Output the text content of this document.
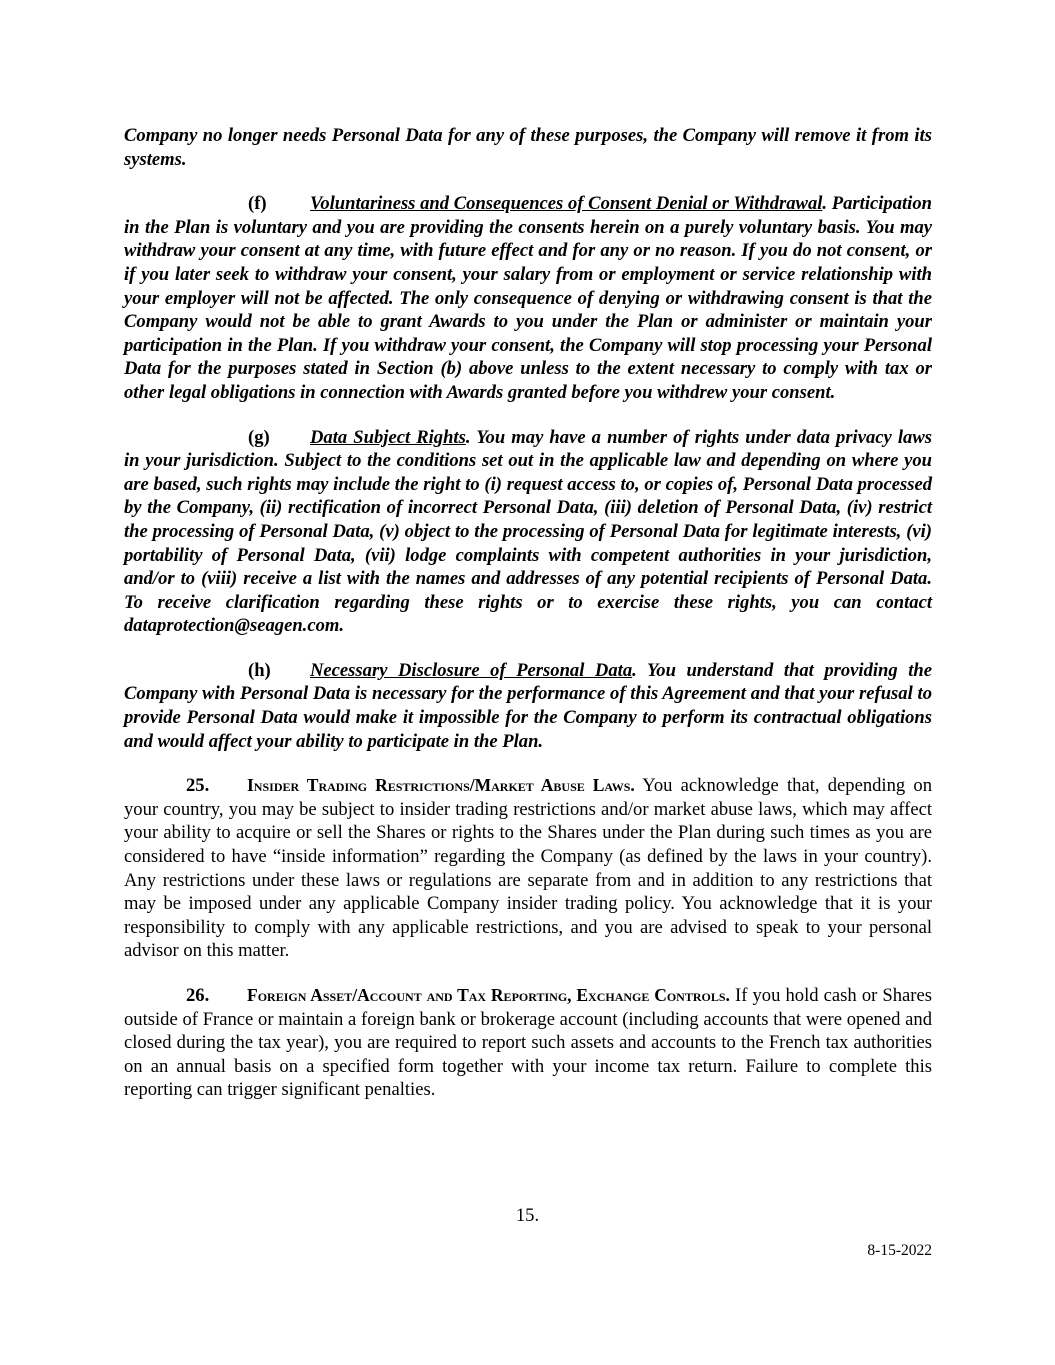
Company no longer needs Personal Data for any of these purposes, the Company will remove it from its systems.

(f) Voluntariness and Consequences of Consent Denial or Withdrawal. Participation in the Plan is voluntary and you are providing the consents herein on a purely voluntary basis. You may withdraw your consent at any time, with future effect and for any or no reason. If you do not consent, or if you later seek to withdraw your consent, your salary from or employment or service relationship with your employer will not be affected. The only consequence of denying or withdrawing consent is that the Company would not be able to grant Awards to you under the Plan or administer or maintain your participation in the Plan. If you withdraw your consent, the Company will stop processing your Personal Data for the purposes stated in Section (b) above unless to the extent necessary to comply with tax or other legal obligations in connection with Awards granted before you withdrew your consent.

(g) Data Subject Rights. You may have a number of rights under data privacy laws in your jurisdiction. Subject to the conditions set out in the applicable law and depending on where you are based, such rights may include the right to (i) request access to, or copies of, Personal Data processed by the Company, (ii) rectification of incorrect Personal Data, (iii) deletion of Personal Data, (iv) restrict the processing of Personal Data, (v) object to the processing of Personal Data for legitimate interests, (vi) portability of Personal Data, (vii) lodge complaints with competent authorities in your jurisdiction, and/or to (viii) receive a list with the names and addresses of any potential recipients of Personal Data. To receive clarification regarding these rights or to exercise these rights, you can contact dataprotection@seagen.com.

(h) Necessary Disclosure of Personal Data. You understand that providing the Company with Personal Data is necessary for the performance of this Agreement and that your refusal to provide Personal Data would make it impossible for the Company to perform its contractual obligations and would affect your ability to participate in the Plan.

25. Insider Trading Restrictions/Market Abuse Laws. You acknowledge that, depending on your country, you may be subject to insider trading restrictions and/or market abuse laws, which may affect your ability to acquire or sell the Shares or rights to the Shares under the Plan during such times as you are considered to have “inside information” regarding the Company (as defined by the laws in your country). Any restrictions under these laws or regulations are separate from and in addition to any restrictions that may be imposed under any applicable Company insider trading policy. You acknowledge that it is your responsibility to comply with any applicable restrictions, and you are advised to speak to your personal advisor on this matter.

26. Foreign Asset/Account and Tax Reporting, Exchange Controls. If you hold cash or Shares outside of France or maintain a foreign bank or brokerage account (including accounts that were opened and closed during the tax year), you are required to report such assets and accounts to the French tax authorities on an annual basis on a specified form together with your income tax return. Failure to complete this reporting can trigger significant penalties.

15.
8-15-2022
